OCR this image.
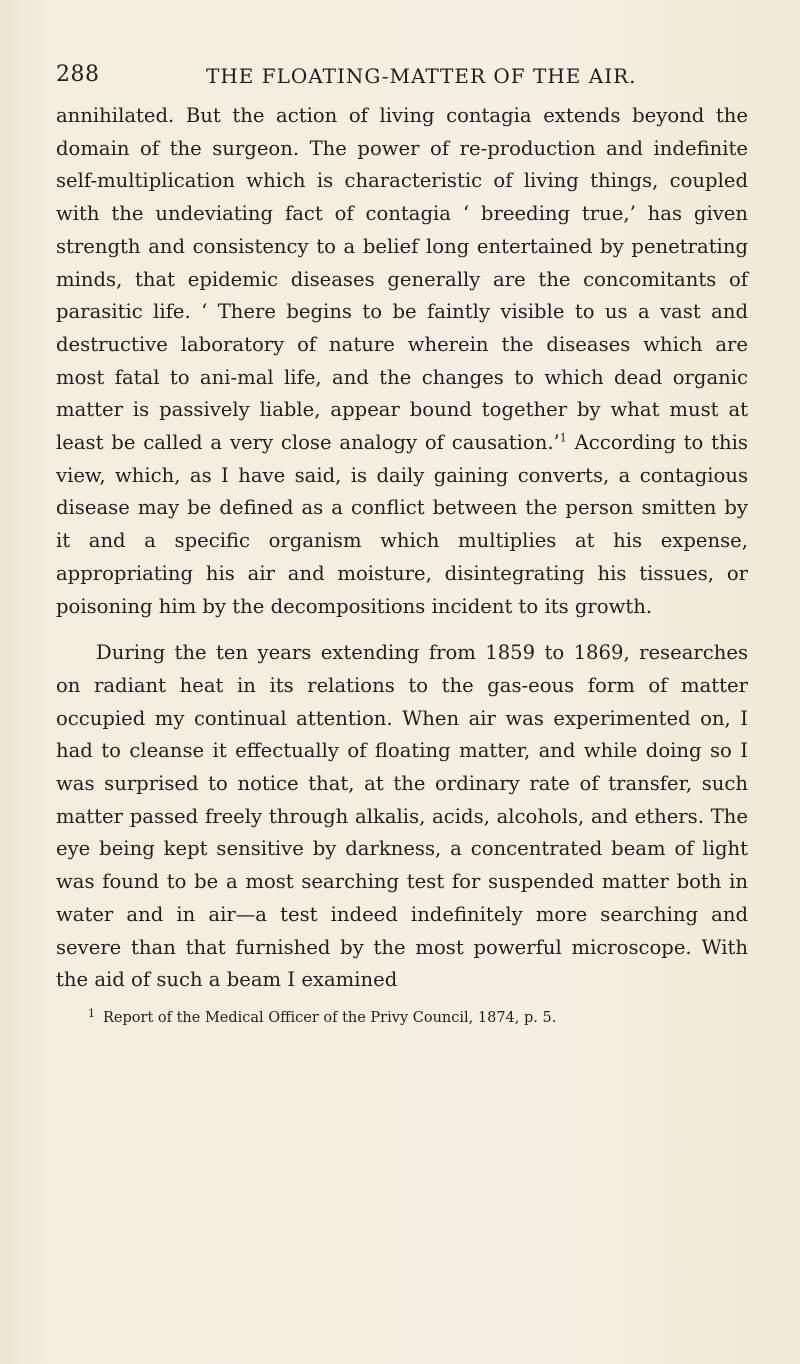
288	THE FLOATING-MATTER OF THE AIR.

annihilated. But the action of living contagia extends beyond the domain of the surgeon. The power of re-production and indefinite self-multiplication which is characteristic of living things, coupled with the undeviating fact of contagia ‘ breeding true,’ has given strength and consistency to a belief long entertained by penetrating minds, that epidemic diseases generally are the concomitants of parasitic life. ‘ There begins to be faintly visible to us a vast and destructive laboratory of nature wherein the diseases which are most fatal to ani-mal life, and the changes to which dead organic matter is passively liable, appear bound together by what must at least be called a very close analogy of causation.’$^1$ According to this view, which, as I have said, is daily gaining converts, a contagious disease may be defined as a conflict between the person smitten by it and a specific organism which multiplies at his expense, appropriating his air and moisture, disintegrating his tissues, or poisoning him by the decompositions incident to its growth.

During the ten years extending from 1859 to 1869, researches on radiant heat in its relations to the gas-eous form of matter occupied my continual attention. When air was experimented on, I had to cleanse it effectually of floating matter, and while doing so I was surprised to notice that, at the ordinary rate of transfer, such matter passed freely through alkalis, acids, alcohols, and ethers. The eye being kept sensitive by darkness, a concentrated beam of light was found to be a most searching test for suspended matter both in water and in air—a test indeed indefinitely more searching and severe than that furnished by the most powerful microscope. With the aid of such a beam I examined

$^1$ Report of the Medical Officer of the Privy Council, 1874, p. 5.
